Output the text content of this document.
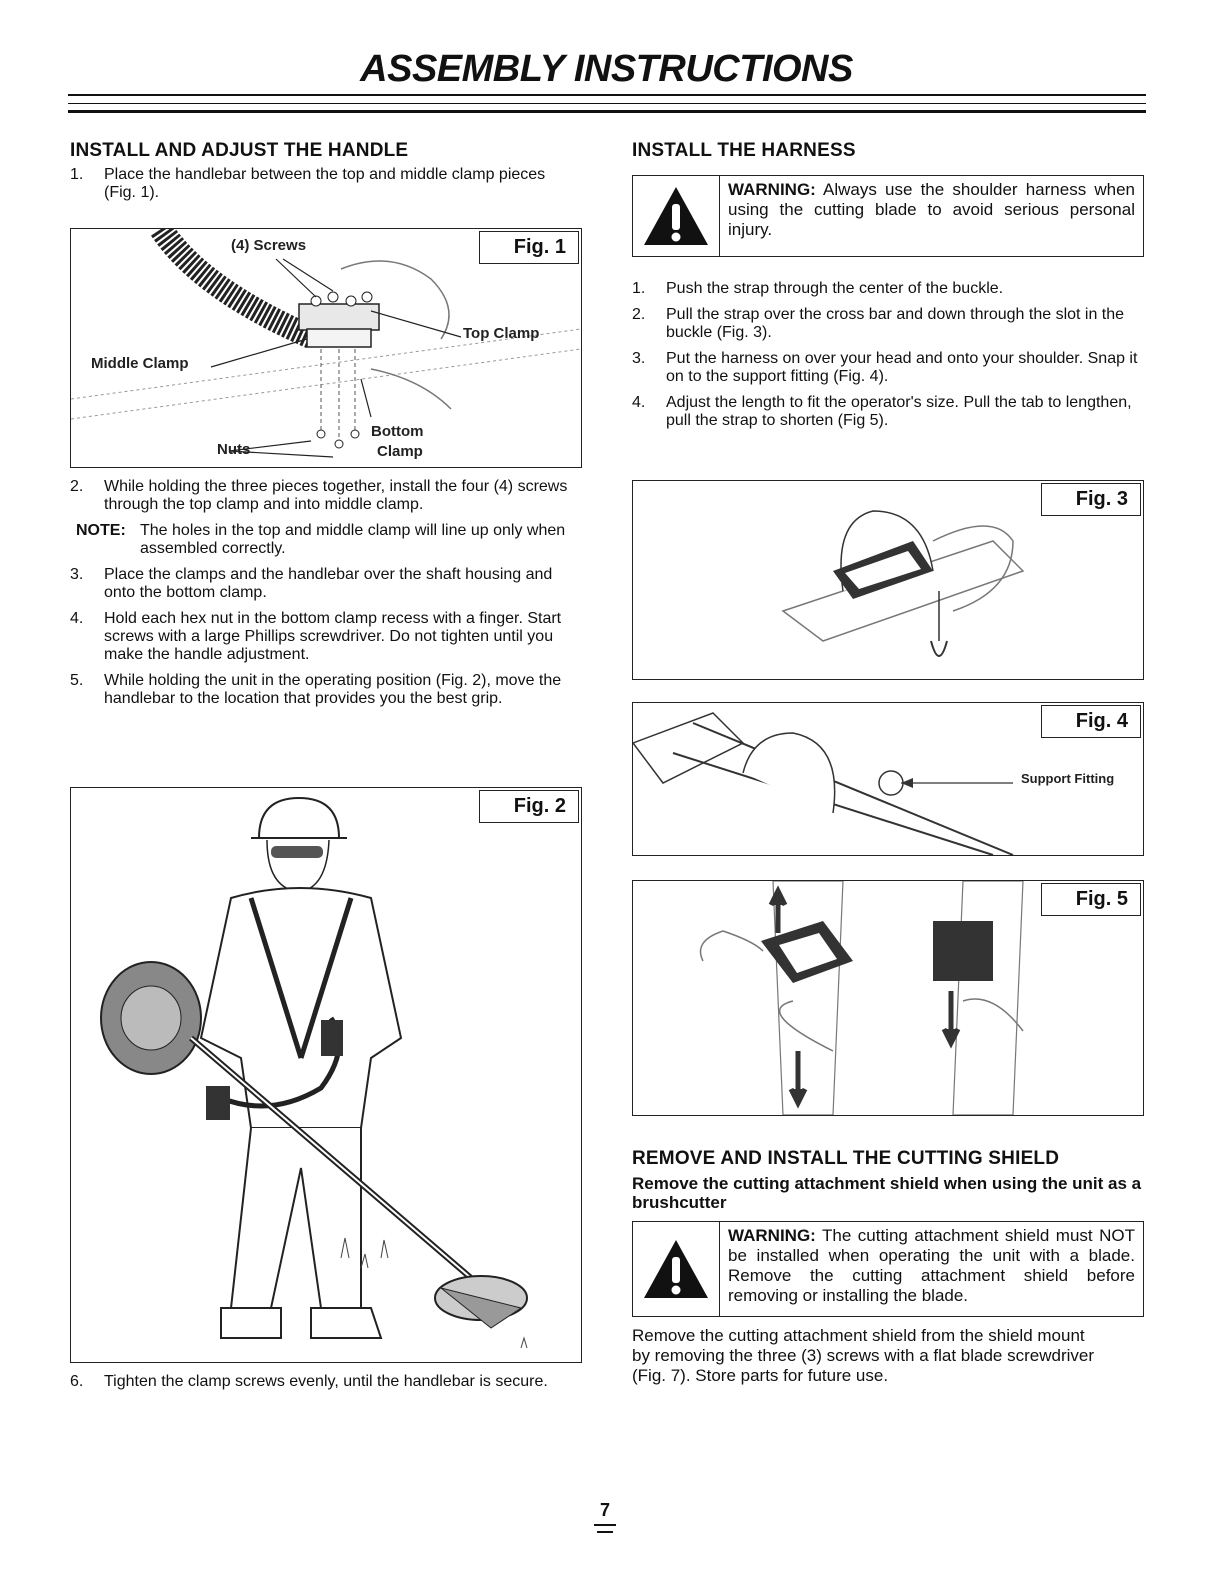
ASSEMBLY INSTRUCTIONS
INSTALL AND ADJUST THE HANDLE
1. Place the handlebar between the top and middle clamp pieces (Fig. 1).
Fig. 1
(4) Screws
Top Clamp
Middle Clamp
Bottom
Clamp
Nuts
2. While holding the three pieces together, install the four (4) screws through the top clamp and into middle clamp.
NOTE: The holes in the top and middle clamp will line up only when assembled correctly.
3. Place the clamps and the handlebar over the shaft housing and onto the bottom clamp.
4. Hold each hex nut in the bottom clamp recess with a finger. Start screws with a large Phillips screwdriver. Do not tighten until you make the handle adjustment.
5. While holding the unit in the operating position (Fig. 2), move the handlebar to the location that provides you the best grip.
Fig. 2
6. Tighten the clamp screws evenly, until the handlebar is secure.
INSTALL THE HARNESS
WARNING: Always use the shoulder harness when using the cutting blade to avoid serious personal injury.
1. Push the strap through the center of the buckle.
2. Pull the strap over the cross bar and down through the slot in the buckle (Fig. 3).
3. Put the harness on over your head and onto your shoulder. Snap it on to the support fitting (Fig. 4).
4. Adjust the length to fit the operator's size. Pull the tab to lengthen, pull the strap to shorten (Fig 5).
Fig. 3
Fig. 4
Support Fitting
Fig. 5
REMOVE AND INSTALL THE CUTTING SHIELD
Remove the cutting attachment shield when using the unit as a brushcutter
WARNING: The cutting attachment shield must NOT be installed when operating the unit with a blade. Remove the cutting attachment shield before removing or installing the blade.

Remove the cutting attachment shield from the shield mount by removing the three (3) screws with a flat blade screwdriver (Fig. 7). Store parts for future use.

7
